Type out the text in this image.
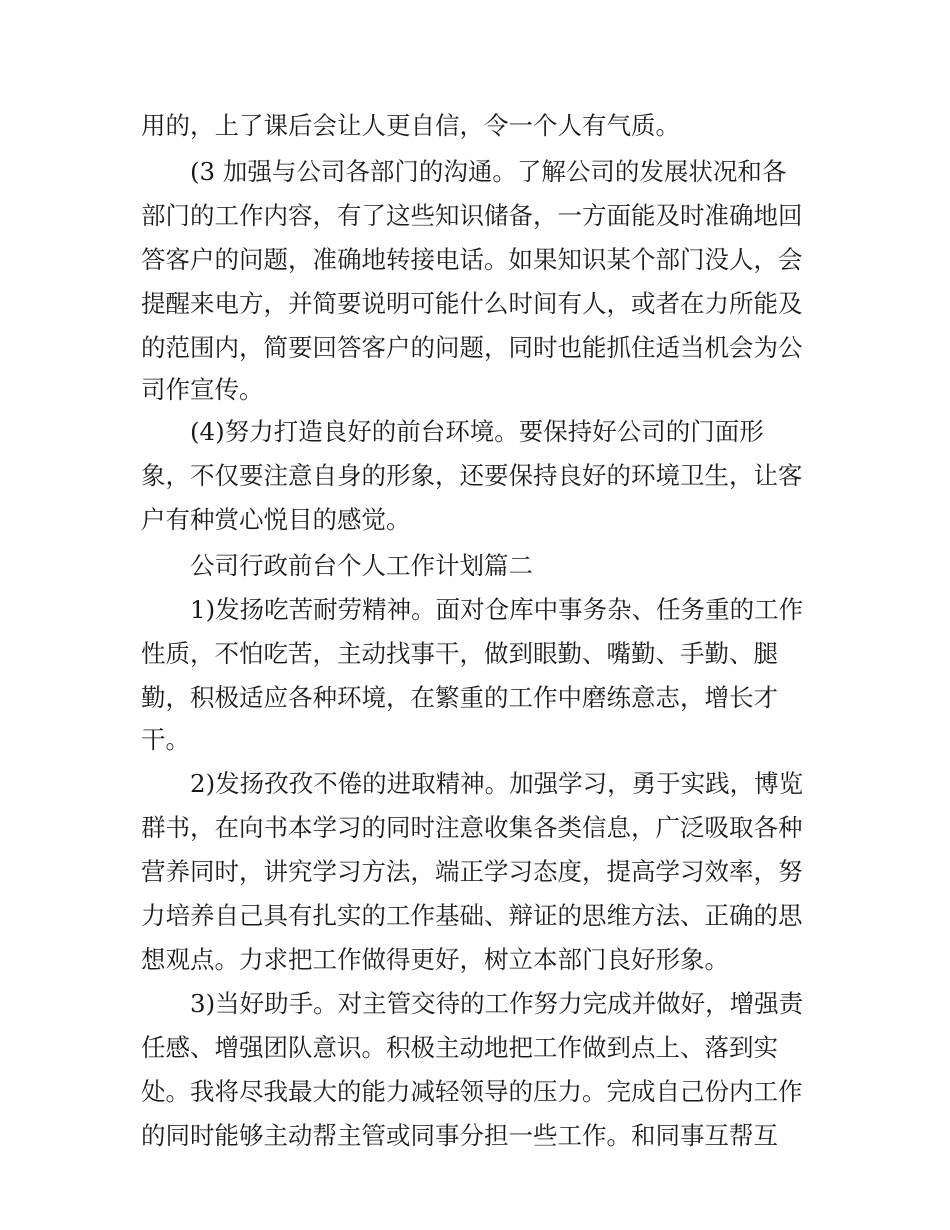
用的，上了课后会让人更自信，令一个人有气质。
(3 加强与公司各部门的沟通。了解公司的发展状况和各
部门的工作内容，有了这些知识储备，一方面能及时准确地回
答客户的问题，准确地转接电话。如果知识某个部门没人，会
提醒来电方，并简要说明可能什么时间有人，或者在力所能及
的范围内，简要回答客户的问题，同时也能抓住适当机会为公
司作宣传。
(4)努力打造良好的前台环境。要保持好公司的门面形
象，不仅要注意自身的形象，还要保持良好的环境卫生，让客
户有种赏心悦目的感觉。
公司行政前台个人工作计划篇二
1)发扬吃苦耐劳精神。面对仓库中事务杂、任务重的工作
性质，不怕吃苦，主动找事干，做到眼勤、嘴勤、手勤、腿
勤，积极适应各种环境，在繁重的工作中磨练意志，增长才
干。
2)发扬孜孜不倦的进取精神。加强学习，勇于实践，博览
群书，在向书本学习的同时注意收集各类信息，广泛吸取各种
营养同时，讲究学习方法，端正学习态度，提高学习效率，努
力培养自己具有扎实的工作基础、辩证的思维方法、正确的思
想观点。力求把工作做得更好，树立本部门良好形象。
3)当好助手。对主管交待的工作努力完成并做好，增强责
任感、增强团队意识。积极主动地把工作做到点上、落到实
处。我将尽我最大的能力减轻领导的压力。完成自己份内工作
的同时能够主动帮主管或同事分担一些工作。和同事互帮互
